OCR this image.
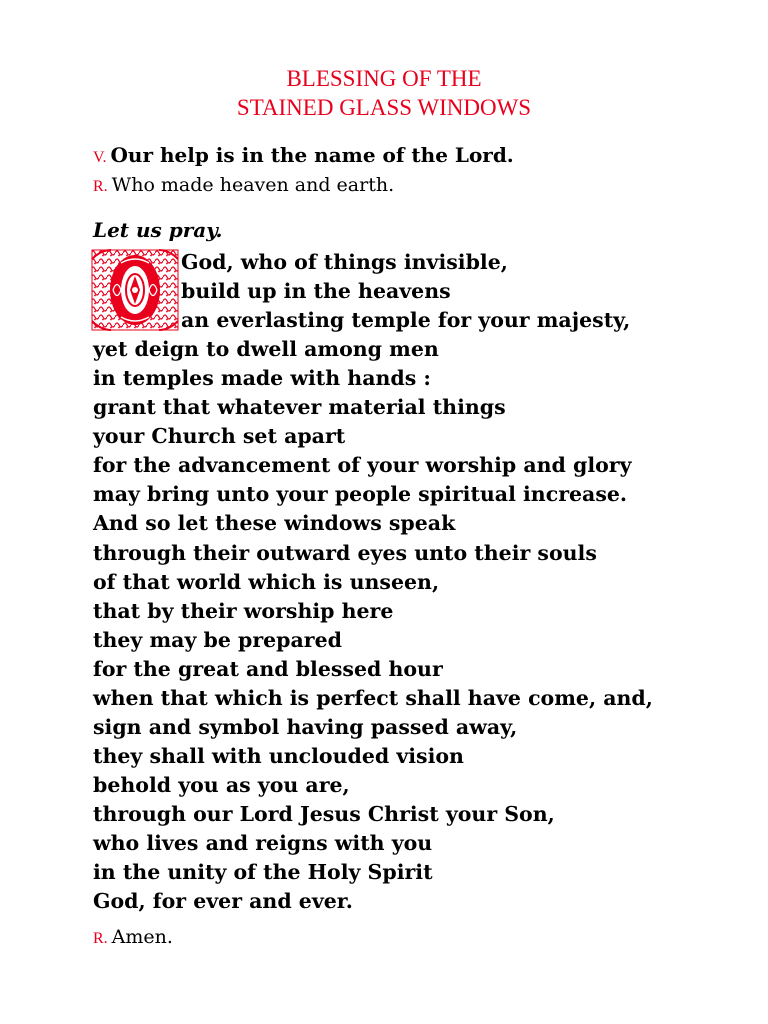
BLESSING OF THE
STAINED GLASS WINDOWS
V. Our help is in the name of the Lord.
R. Who made heaven and earth.
Let us pray.
God, who of things invisible,
build up in the heavens
an everlasting temple for your majesty,
yet deign to dwell among men
in temples made with hands :
grant that whatever material things
your Church set apart
for the advancement of your worship and glory
may bring unto your people spiritual increase.
And so let these windows speak
through their outward eyes unto their souls
of that world which is unseen,
that by their worship here
they may be prepared
for the great and blessed hour
when that which is perfect shall have come, and,
sign and symbol having passed away,
they shall with unclouded vision
behold you as you are,
through our Lord Jesus Christ your Son,
who lives and reigns with you
in the unity of the Holy Spirit
God, for ever and ever.
R. Amen.
